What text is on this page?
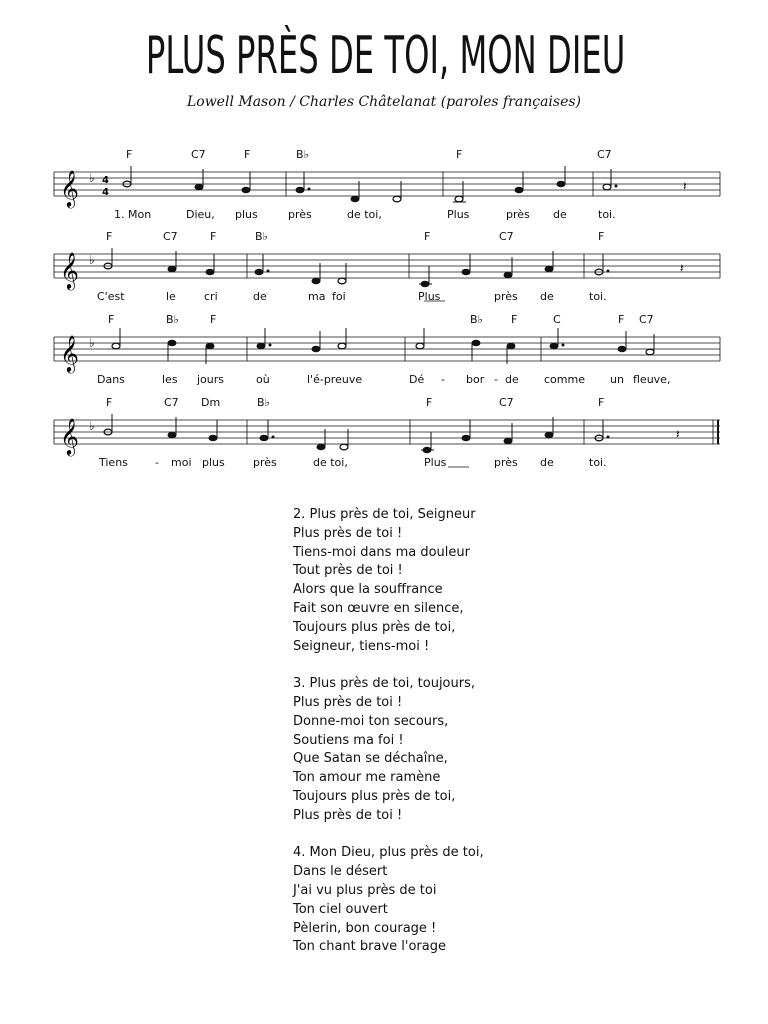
PLUS PRÈS DE TOI, MON DIEU
Lowell Mason / Charles Châtelanat (paroles françaises)
F	C7	F	B♭	F	C7
𝄞 ♭ 4
4	𝄽
1. Mon	Dieu, plus	près	de toi,	Plus	près de	toi.
F	C7	F	B♭	F	C7	F
𝄞 ♭
𝄽
C'est	le	cri	de	ma foi	Plus	près de	toi.
F	B♭	F	B♭	F	C	F C7
𝄞 ♭
Dans	les jours	où	l'é-preuve	Dé - bor - de comme un fleuve,
F	C7 Dm	B♭	F	C7	F
𝄞 ♭
𝄽
Tiens - moi plus	près	de toi,	Plus	près de	toi.
2. Plus près de toi, Seigneur
Plus près de toi !
Tiens-moi dans ma douleur
Tout près de toi !
Alors que la souffrance
Fait son œuvre en silence,
Toujours plus près de toi,
Seigneur, tiens-moi !
3. Plus près de toi, toujours,
Plus près de toi !
Donne-moi ton secours,
Soutiens ma foi !
Que Satan se déchaîne,
Ton amour me ramène
Toujours plus près de toi,
Plus près de toi !
4. Mon Dieu, plus près de toi,
Dans le désert
J'ai vu plus près de toi
Ton ciel ouvert
Pèlerin, bon courage !
Ton chant brave l'orage
